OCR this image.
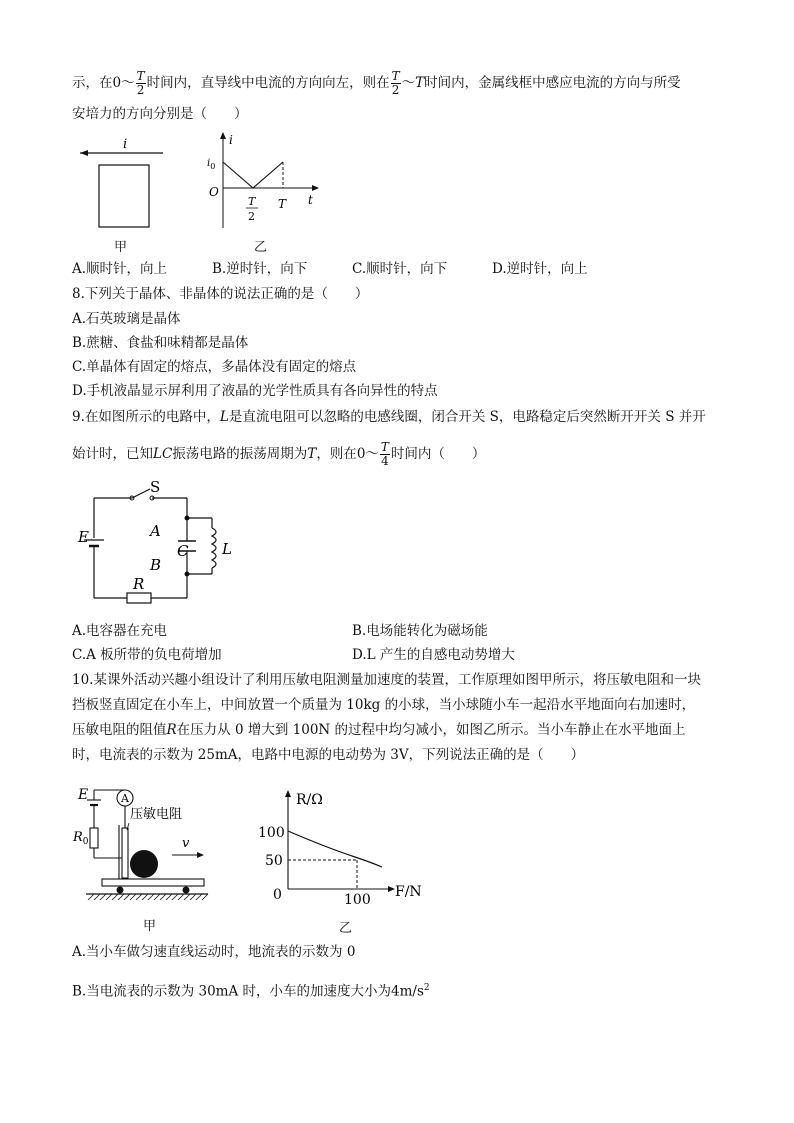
示，在0～ $\frac{T}{2}$ 时间内，直导线中电流的方向向左，则在 $\frac{T}{2}$ ～T时间内，金属线框中感应电流的方向与所受
安培力的方向分别是（　　）
i
甲
i
t
$i_0$
O
T
2
T
乙
A.顺时针，向上	B.逆时针，向下	C.顺时针，向下	D.逆时针，向上
8.下列关于晶体、非晶体的说法正确的是（　　）
A.石英玻璃是晶体
B.蔗糖、食盐和味精都是晶体
C.单晶体有固定的熔点，多晶体没有固定的熔点
D.手机液晶显示屏利用了液晶的光学性质具有各向异性的特点
9.在如图所示的电路中，L是直流电阻可以忽略的电感线圈，闭合开关 S，电路稳定后突然断开开关 S 并开
始计时，已知LC振荡电路的振荡周期为T，则在0～ $\frac{T}{4}$ 时间内（　　）
S
E
R
A
C
B
L
A.电容器在充电	B.电场能转化为磁场能
C.A 板所带的负电荷增加	D.L 产生的自感电动势增大
10.某课外活动兴趣小组设计了利用压敏电阻测量加速度的装置，工作原理如图甲所示，将压敏电阻和一块
挡板竖直固定在小车上，中间放置一个质量为 10kg 的小球，当小球随小车一起沿水平地面向右加速时，
压敏电阻的阻值R在压力从 0 增大到 100N 的过程中均匀减小，如图乙所示。当小车静止在水平地面上
时，电流表的示数为 25mA，电路中电源的电动势为 3V，下列说法正确的是（　　）
E	A
$R_0$
压敏电阻
v
甲
R/Ω
F/N
100
50
0	100
乙
A.当小车做匀速直线运动时，地流表的示数为 0
B.当电流表的示数为 30mA 时，小车的加速度大小为$4m/s^2$
